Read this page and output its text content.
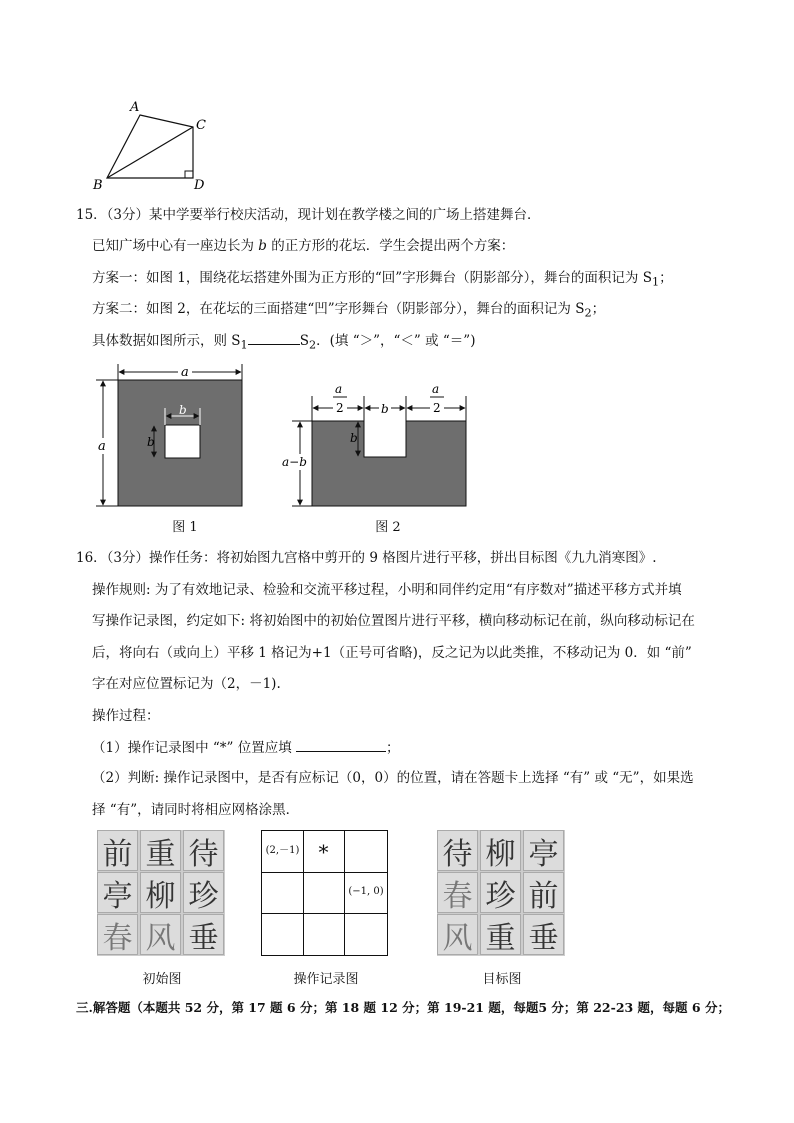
A
C
B	D
15．（3分）某中学要举行校庆活动，现计划在教学楼之间的广场上搭建舞台．
已知广场中心有一座边长为 b 的正方形的花坛．学生会提出两个方案：
方案一：如图 1，围绕花坛搭建外围为正方形的“回”字形舞台（阴影部分），舞台的面积记为 $S_1$；
方案二：如图 2，在花坛的三面搭建“凹”字形舞台（阴影部分），舞台的面积记为 $S_2$；
具体数据如图所示，则 $S_1$	$S_2$．(填 “＞”，“＜” 或 “＝”)
a
a
b
b
图 1
a
2	b
a
2
b
a−b
图 2
16．（3分）操作任务：将初始图九宫格中剪开的 9 格图片进行平移，拼出目标图《九九消寒图》.
操作规则: 为了有效地记录、检验和交流平移过程，小明和同伴约定用“有序数对”描述平移方式并填
写操作记录图，约定如下: 将初始图中的初始位置图片进行平移，横向移动标记在前，纵向移动标记在
后，将向右（或向上）平移 1 格记为+1（正号可省略)，反之记为以此类推，不移动记为 0．如 “前”
字在对应位置标记为（2，－1).
操作过程：
（1）操作记录图中 “*” 位置应填	；
（2）判断: 操作记录图中，是否有应标记（0，0）的位置，请在答题卡上选择 “有” 或 “无”，如果选
择 “有”，请同时将相应网格涂黑．
前 重 待
亭 柳 珍
春 风 垂
初始图
(2,－1) *
(−1, 0)
操作记录图
待 柳 亭
春 珍 前
风 重 垂
目标图
三.解答题（本题共 52 分，第 17 题 6 分；第 18 题 12 分；第 19-21 题，每题5 分；第 22-23 题，每题 6 分；
